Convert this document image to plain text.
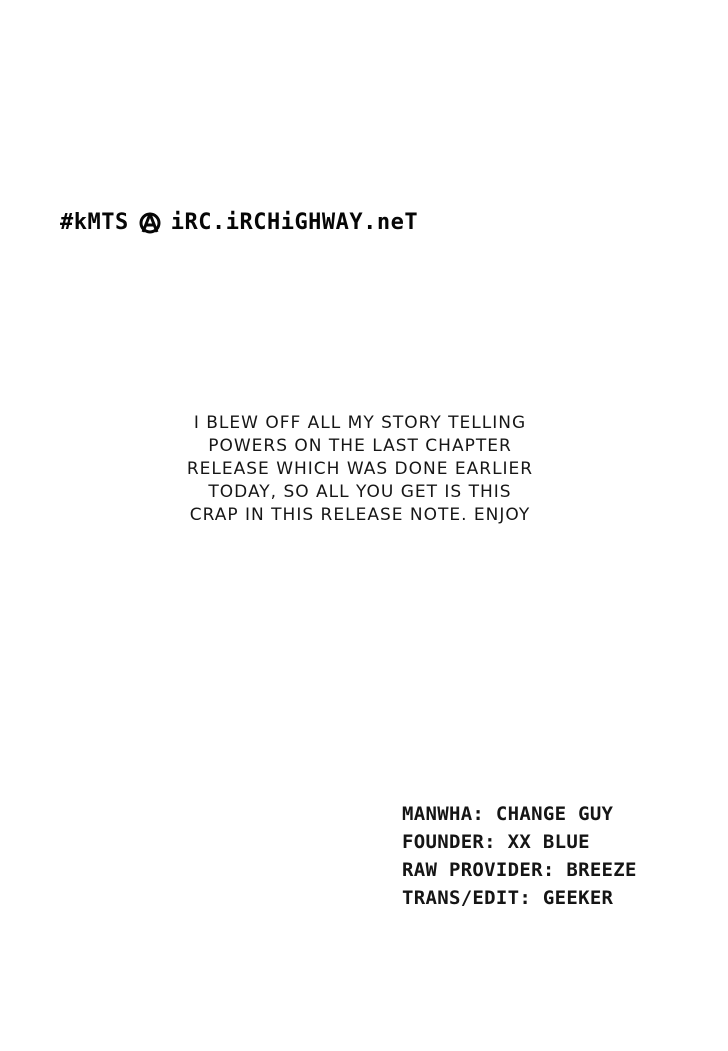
#kMTS iRC.iRCHiGHWAY.neT
I BLEW OFF ALL MY STORY TELLING
POWERS ON THE LAST CHAPTER
RELEASE WHICH WAS DONE EARLIER
TODAY, SO ALL YOU GET IS THIS
CRAP IN THIS RELEASE NOTE. ENJOY
MANWHA: CHANGE GUY
FOUNDER: XX BLUE
RAW PROVIDER: BREEZE
TRANS/EDIT: GEEKER
